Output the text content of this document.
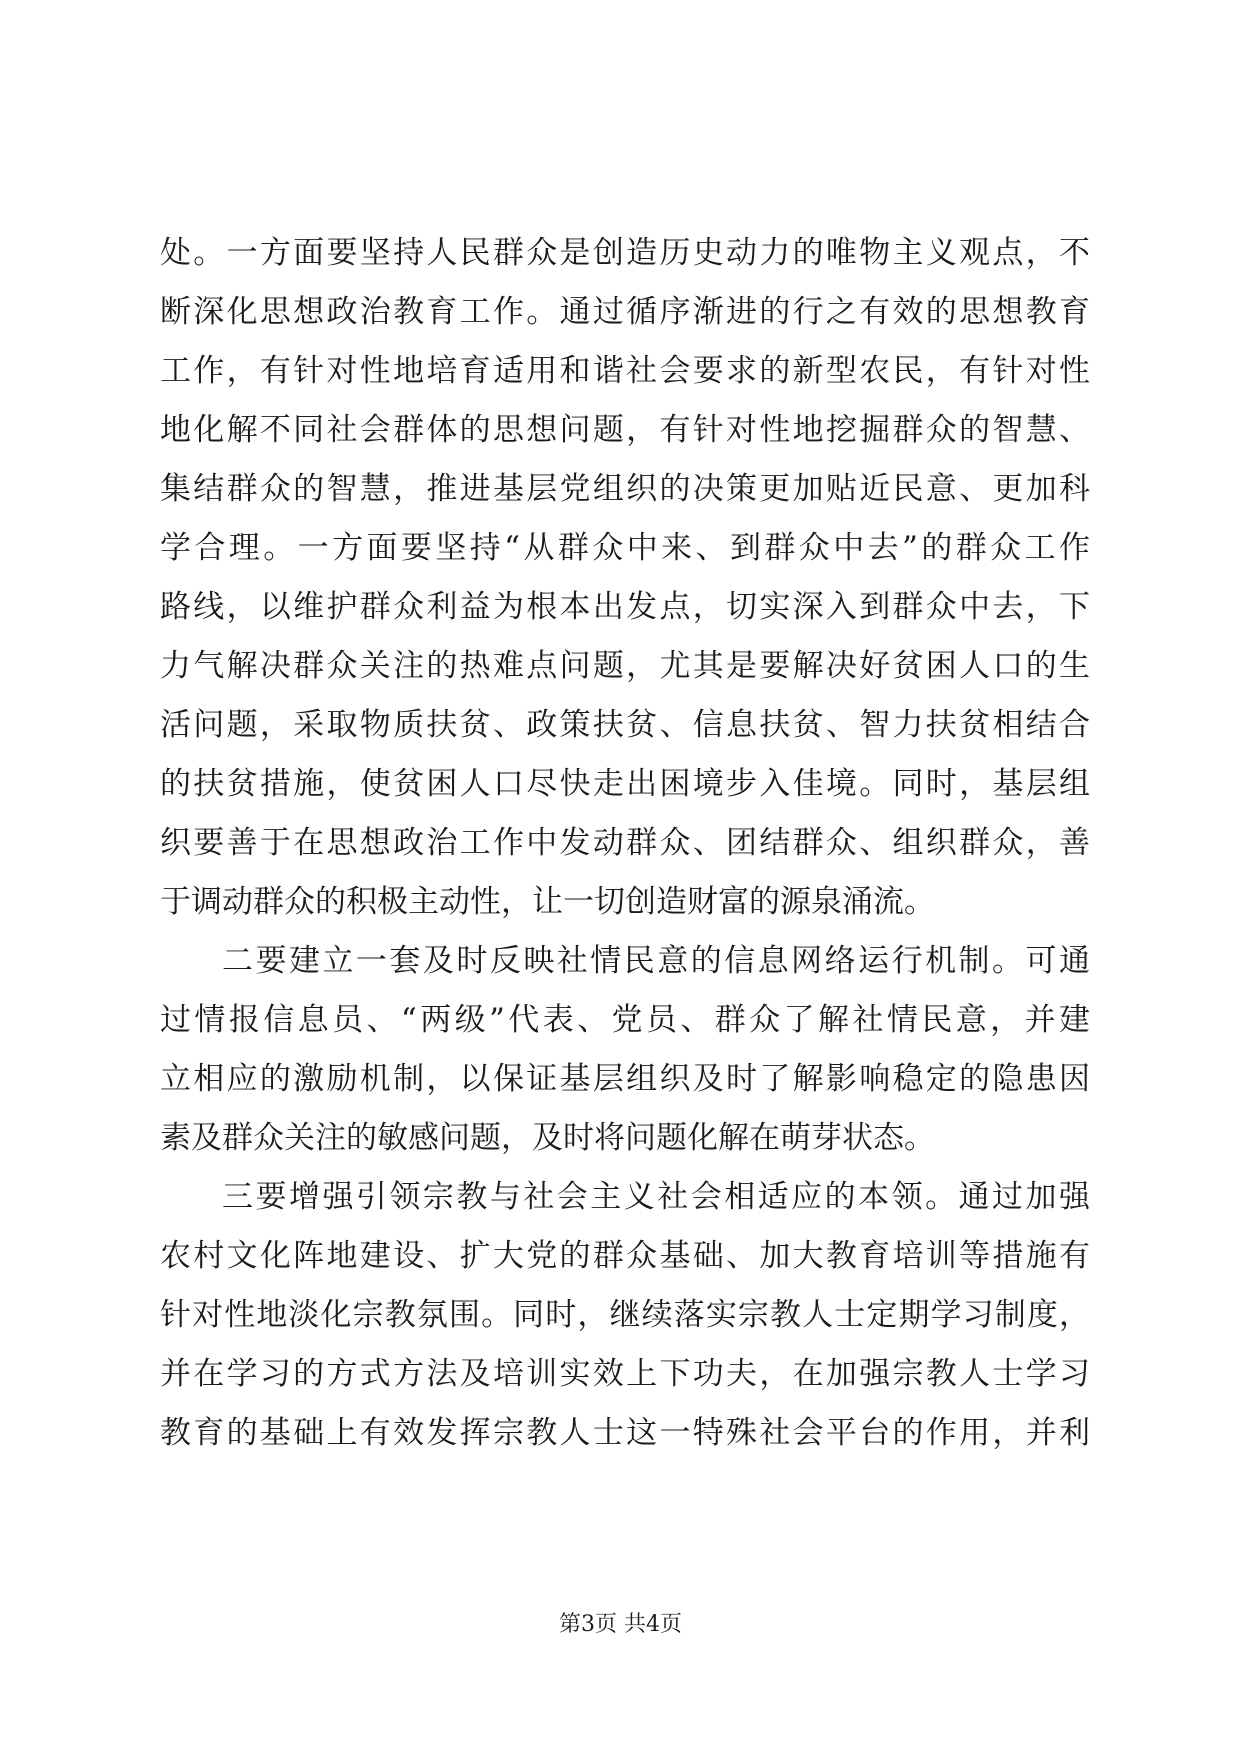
处。一方面要坚持人民群众是创造历史动力的唯物主义观点，不
断深化思想政治教育工作。通过循序渐进的行之有效的思想教育
工作，有针对性地培育适用和谐社会要求的新型农民，有针对性
地化解不同社会群体的思想问题，有针对性地挖掘群众的智慧、
集结群众的智慧，推进基层党组织的决策更加贴近民意、更加科
学合理。一方面要坚持“从群众中来、到群众中去”的群众工作
路线，以维护群众利益为根本出发点，切实深入到群众中去，下
力气解决群众关注的热难点问题，尤其是要解决好贫困人口的生
活问题，采取物质扶贫、政策扶贫、信息扶贫、智力扶贫相结合
的扶贫措施，使贫困人口尽快走出困境步入佳境。同时，基层组
织要善于在思想政治工作中发动群众、团结群众、组织群众，善
于调动群众的积极主动性，让一切创造财富的源泉涌流。
二要建立一套及时反映社情民意的信息网络运行机制。可通
过情报信息员、“两级”代表、党员、群众了解社情民意，并建
立相应的激励机制，以保证基层组织及时了解影响稳定的隐患因
素及群众关注的敏感问题，及时将问题化解在萌芽状态。
三要增强引领宗教与社会主义社会相适应的本领。通过加强
农村文化阵地建设、扩大党的群众基础、加大教育培训等措施有
针对性地淡化宗教氛围。同时，继续落实宗教人士定期学习制度，
并在学习的方式方法及培训实效上下功夫，在加强宗教人士学习
教育的基础上有效发挥宗教人士这一特殊社会平台的作用，并利
第3页 共4页
